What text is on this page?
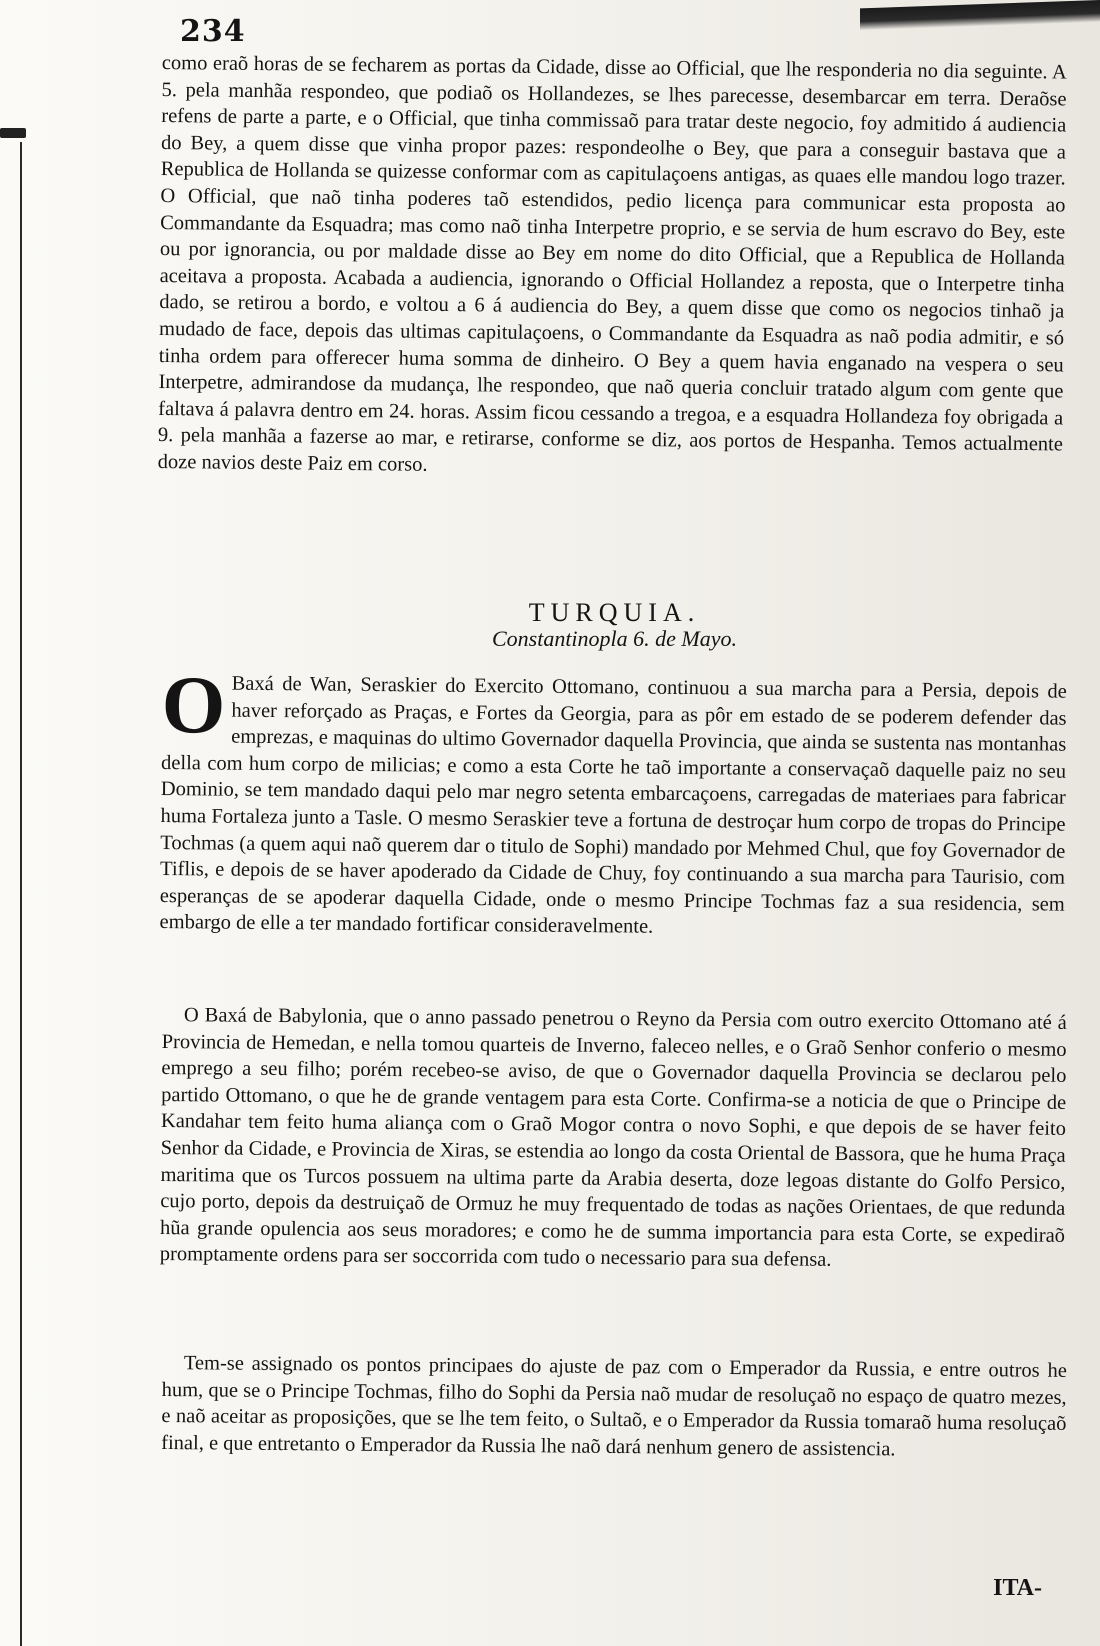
234

como eraõ horas de se fecharem as portas da Cidade, disse ao Official, que lhe responderia no dia seguinte. A 5. pela manhãa respondeo, que podiaõ os Hollandezes, se lhes parecesse, desembarcar em terra. Deraõse refens de parte a parte, e o Official, que tinha commissaõ para tratar deste negocio, foy admitido á audiencia do Bey, a quem disse que vinha propor pazes: respondeolhe o Bey, que para a conseguir bastava que a Republica de Hollanda se quizesse conformar com as capitulaçoens antigas, as quaes elle mandou logo trazer. O Official, que naõ tinha poderes taõ estendidos, pedio licença para communicar esta proposta ao Commandante da Esquadra; mas como naõ tinha Interpetre proprio, e se servia de hum escravo do Bey, este ou por ignorancia, ou por maldade disse ao Bey em nome do dito Official, que a Republica de Hollanda aceitava a proposta. Acabada a audiencia, ignorando o Official Hollandez a reposta, que o Interpetre tinha dado, se retirou a bordo, e voltou a 6 á audiencia do Bey, a quem disse que como os negocios tinhaõ ja mudado de face, depois das ultimas capitulaçoens, o Commandante da Esquadra as naõ podia admitir, e só tinha ordem para offerecer huma somma de dinheiro. O Bey a quem havia enganado na vespera o seu Interpetre, admirandose da mudança, lhe respondeo, que naõ queria concluir tratado algum com gente que faltava á palavra dentro em 24. horas. Assim ficou cessando a tregoa, e a esquadra Hollandeza foy obrigada a 9. pela manhãa a fazerse ao mar, e retirarse, conforme se diz, aos portos de Hespanha. Temos actualmente doze navios deste Paiz em corso.

TURQUIA.
Constantinopla 6. de Mayo.

O Baxá de Wan, Seraskier do Exercito Ottomano, continuou a sua marcha para a Persia, depois de haver reforçado as Praças, e Fortes da Georgia, para as pôr em estado de se poderem defender das emprezas, e maquinas do ultimo Governador daquella Provincia, que ainda se sustenta nas montanhas della com hum corpo de milicias; e como a esta Corte he taõ importante a conservaçaõ daquelle paiz no seu Dominio, se tem mandado daqui pelo mar negro setenta embarcaçoens, carregadas de materiaes para fabricar huma Fortaleza junto a Tasle. O mesmo Seraskier teve a fortuna de destroçar hum corpo de tropas do Principe Tochmas (a quem aqui naõ querem dar o titulo de Sophi) mandado por Mehmed Chul, que foy Governador de Tiflis, e depois de se haver apoderado da Cidade de Chuy, foy continuando a sua marcha para Taurisio, com esperanças de se apoderar daquella Cidade, onde o mesmo Principe Tochmas faz a sua residencia, sem embargo de elle a ter mandado fortificar consideravelmente.

O Baxá de Babylonia, que o anno passado penetrou o Reyno da Persia com outro exercito Ottomano até á Provincia de Hemedan, e nella tomou quarteis de Inverno, faleceo nelles, e o Graõ Senhor conferio o mesmo emprego a seu filho; porém recebeo-se aviso, de que o Governador daquella Provincia se declarou pelo partido Ottomano, o que he de grande ventagem para esta Corte. Confirma-se a noticia de que o Principe de Kandahar tem feito huma aliança com o Graõ Mogor contra o novo Sophi, e que depois de se haver feito Senhor da Cidade, e Provincia de Xiras, se estendia ao longo da costa Oriental de Bassora, que he huma Praça maritima que os Turcos possuem na ultima parte da Arabia deserta, doze legoas distante do Golfo Persico, cujo porto, depois da destruiçaõ de Ormuz he muy frequentado de todas as nações Orientaes, de que redunda hũa grande opulencia aos seus moradores; e como he de summa importancia para esta Corte, se expediraõ promptamente ordens para ser soccorrida com tudo o necessario para sua defensa.

Tem-se assignado os pontos principaes do ajuste de paz com o Emperador da Russia, e entre outros he hum, que se o Principe Tochmas, filho do Sophi da Persia naõ mudar de resoluçaõ no espaço de quatro mezes, e naõ aceitar as proposições, que se lhe tem feito, o Sultaõ, e o Emperador da Russia tomaraõ huma resoluçaõ final, e que entretanto o Emperador da Russia lhe naõ dará nenhum genero de assistencia.

ITA-
